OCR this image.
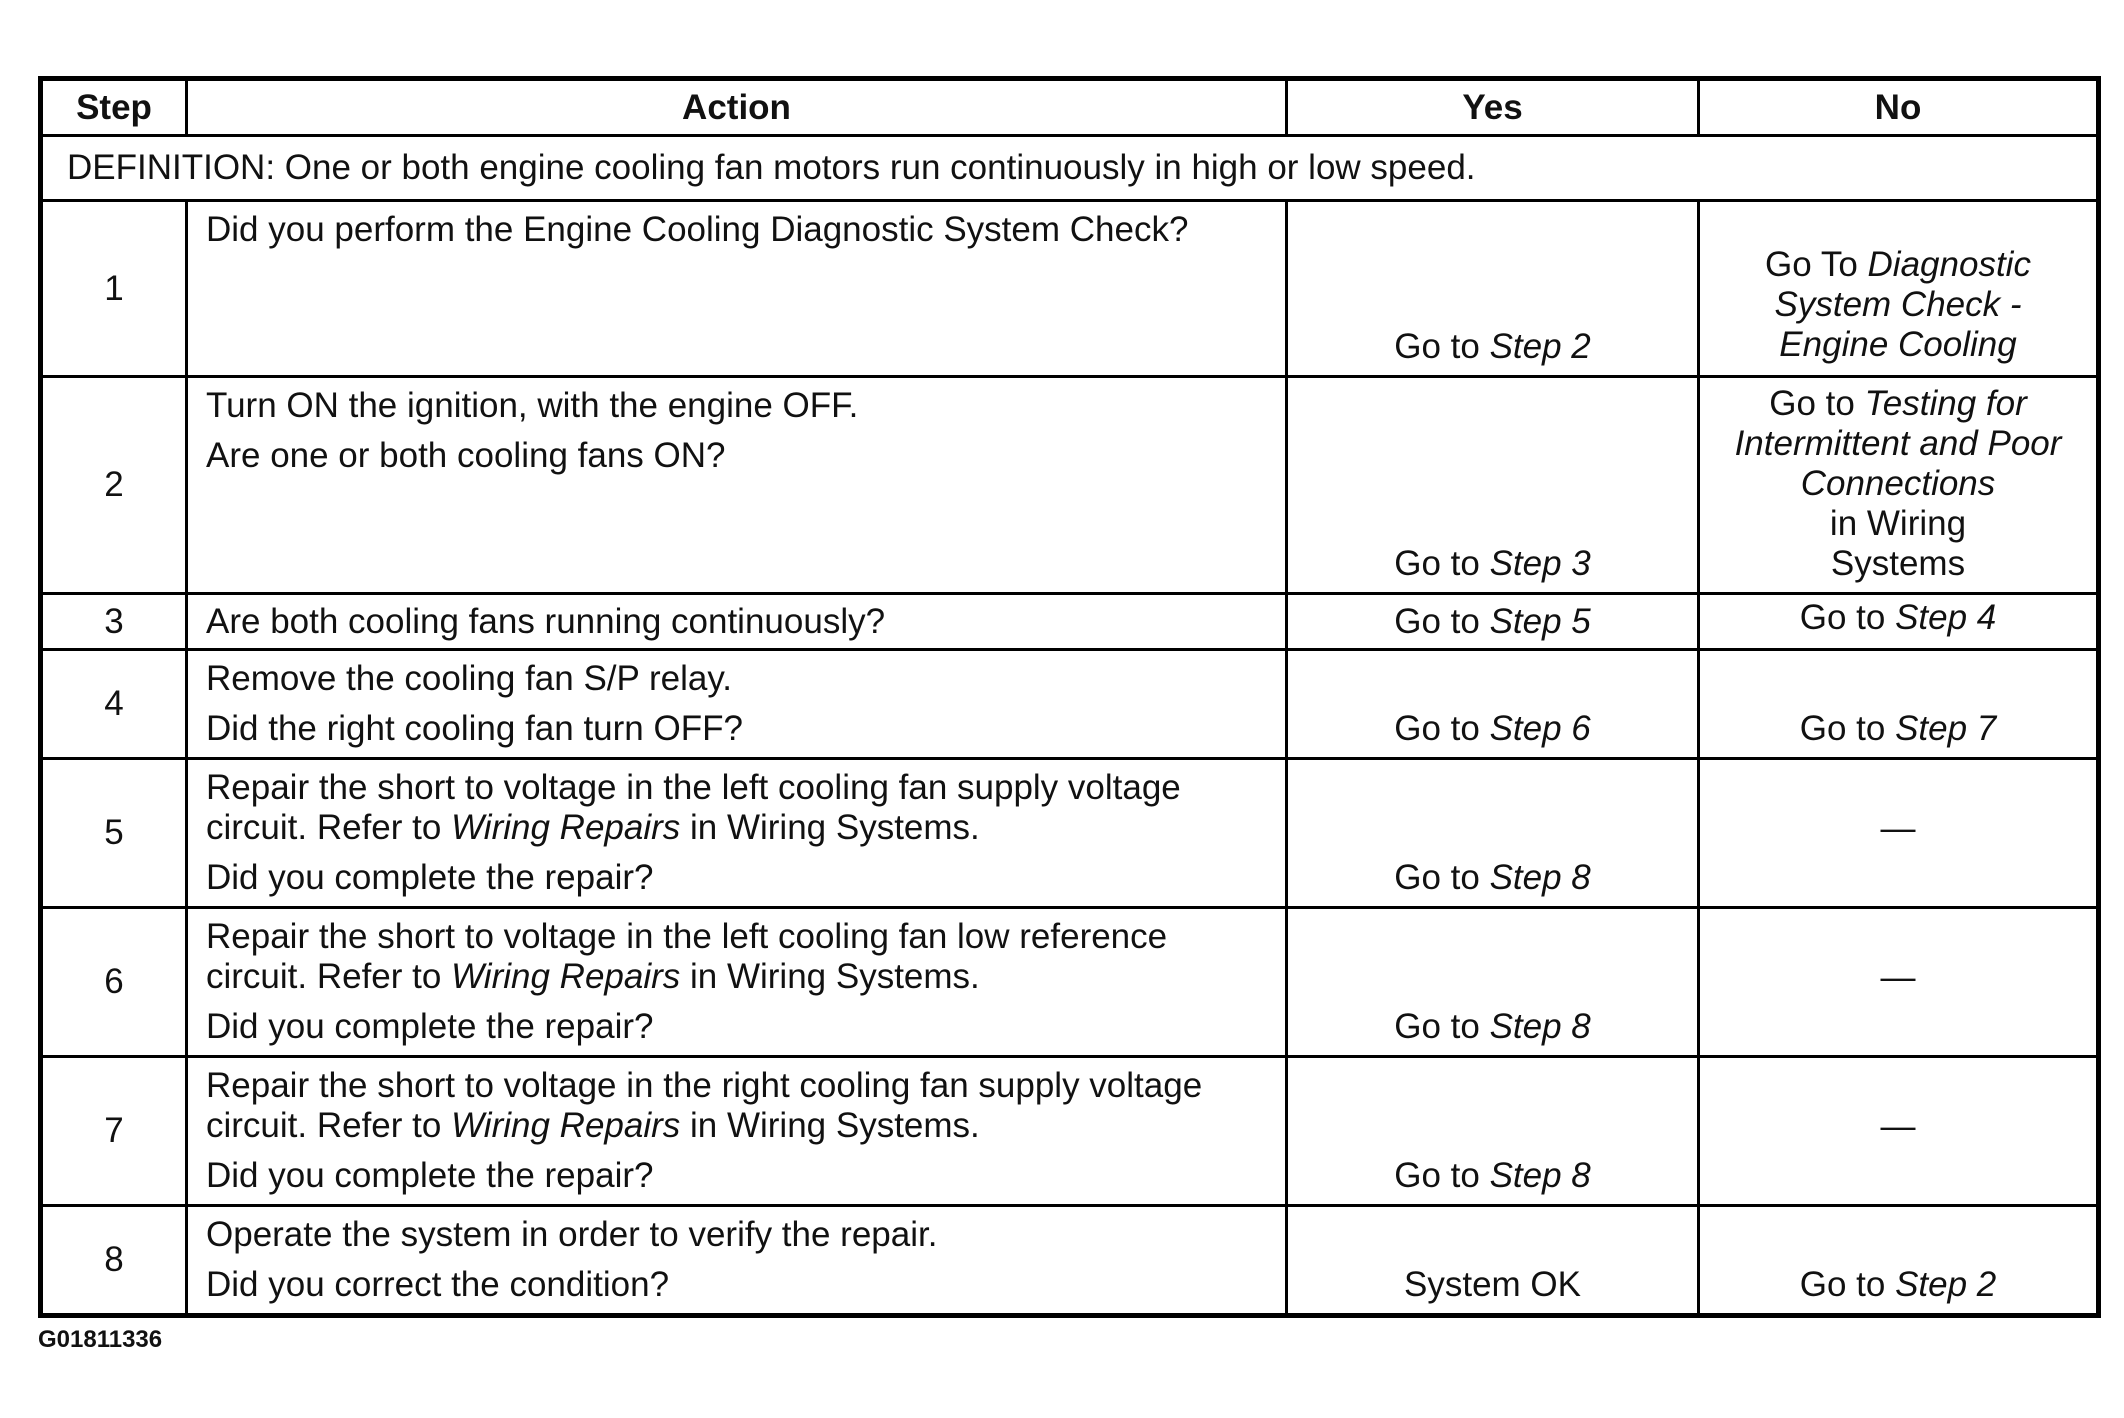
Step	Action	Yes	No
DEFINITION: One or both engine cooling fan motors run continuously in high or low speed.			
1	Did you perform the Engine Cooling Diagnostic System Check?	Go to Step 2	Go To Diagnostic
System Check -
Engine Cooling

2	Turn ON the ignition, with the engine OFF.
Are one or both cooling fans ON?	Go to Step 3	Go to Testing for
Intermittent and Poor
Connections
in Wiring
Systems

3	Are both cooling fans running continuously?	Go to Step 5	Go to Step 4
4	Remove the cooling fan S/P relay.
Did the right cooling fan turn OFF?	Go to Step 6	Go to Step 7
5	Repair the short to voltage in the left cooling fan supply voltage
circuit. Refer to Wiring Repairs in Wiring Systems.
Did you complete the repair?	Go to Step 8	—
6	Repair the short to voltage in the left cooling fan low reference
circuit. Refer to Wiring Repairs in Wiring Systems.
Did you complete the repair?	Go to Step 8	—
7	Repair the short to voltage in the right cooling fan supply voltage
circuit. Refer to Wiring Repairs in Wiring Systems.
Did you complete the repair?	Go to Step 8	—
8	Operate the system in order to verify the repair.
Did you correct the condition?	System OK	Go to Step 2
G01811336
